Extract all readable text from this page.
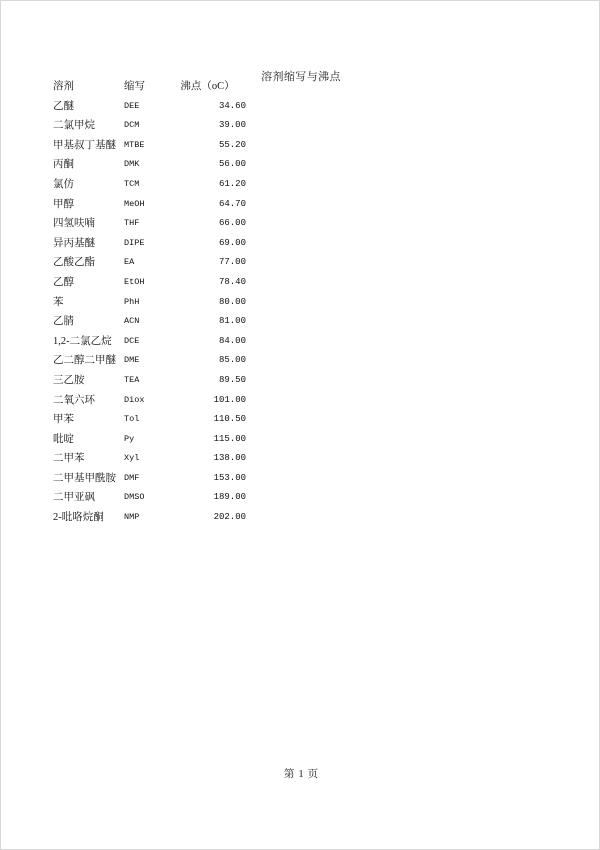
溶剂缩写与沸点
溶剂	缩写	沸点（oC）
乙醚	DEE	34.60
二氯甲烷	DCM	39.00
甲基叔丁基醚	MTBE	55.20
丙酮	DMK	56.00
氯仿	TCM	61.20
甲醇	MeOH	64.70
四氢呋喃	THF	66.00
异丙基醚	DIPE	69.00
乙酸乙酯	EA	77.00
乙醇	EtOH	78.40
苯	PhH	80.00
乙腈	ACN	81.00
1,2-二氯乙烷	DCE	84.00
乙二醇二甲醚	DME	85.00
三乙胺	TEA	89.50
二氧六环	Diox	101.00
甲苯	Tol	110.50
吡啶	Py	115.00
二甲苯	Xyl	138.00
二甲基甲酰胺	DMF	153.00
二甲亚砜	DMSO	189.00
2-吡咯烷酮	NMP	202.00
第 1 页
